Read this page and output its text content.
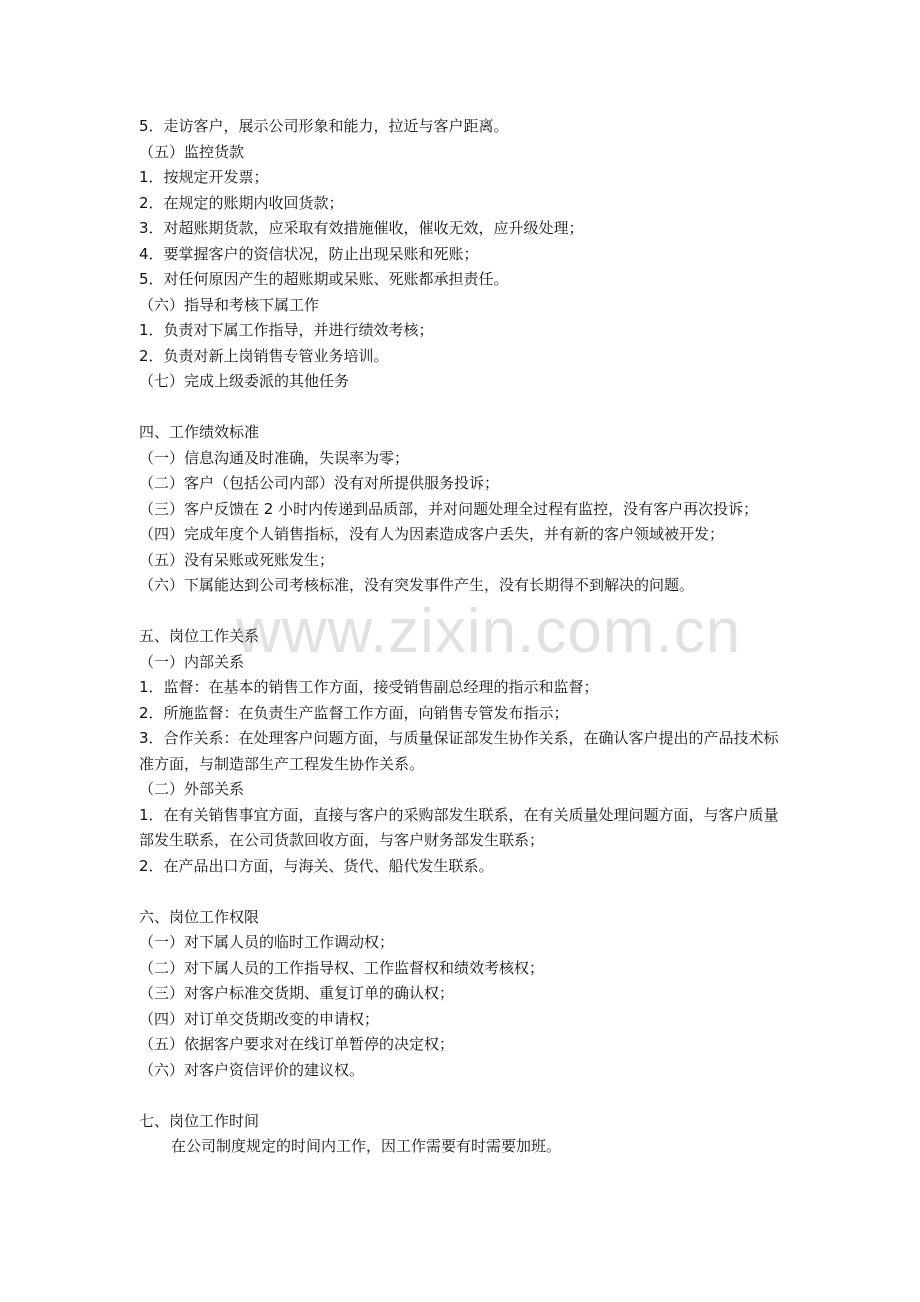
5．走访客户，展示公司形象和能力，拉近与客户距离。
（五）监控货款
1．按规定开发票；
2．在规定的账期内收回货款；
3．对超账期货款，应采取有效措施催收，催收无效，应升级处理；
4．要掌握客户的资信状况，防止出现呆账和死账；
5．对任何原因产生的超账期或呆账、死账都承担责任。
（六）指导和考核下属工作
1．负责对下属工作指导，并进行绩效考核；
2．负责对新上岗销售专管业务培训。
（七）完成上级委派的其他任务
四、工作绩效标准
（一）信息沟通及时准确，失误率为零；
（二）客户（包括公司内部）没有对所提供服务投诉；
（三）客户反馈在 2 小时内传递到品质部，并对问题处理全过程有监控，没有客户再次投诉；
（四）完成年度个人销售指标，没有人为因素造成客户丢失，并有新的客户领域被开发；
（五）没有呆账或死账发生；
（六）下属能达到公司考核标准，没有突发事件产生，没有长期得不到解决的问题。
五、岗位工作关系
（一）内部关系
1．监督：在基本的销售工作方面，接受销售副总经理的指示和监督；
2．所施监督：在负责生产监督工作方面，向销售专管发布指示；
3．合作关系：在处理客户问题方面，与质量保证部发生协作关系，在确认客户提出的产品技术标准方面，与制造部生产工程发生协作关系。
（二）外部关系
1．在有关销售事宜方面，直接与客户的采购部发生联系，在有关质量处理问题方面，与客户质量部发生联系，在公司货款回收方面，与客户财务部发生联系；
2．在产品出口方面，与海关、货代、船代发生联系。
六、岗位工作权限
（一）对下属人员的临时工作调动权；
（二）对下属人员的工作指导权、工作监督权和绩效考核权；
（三）对客户标准交货期、重复订单的确认权；
（四）对订单交货期改变的申请权；
（五）依据客户要求对在线订单暂停的决定权；
（六）对客户资信评价的建议权。
七、岗位工作时间
在公司制度规定的时间内工作，因工作需要有时需要加班。
www.zixin.com.cn
